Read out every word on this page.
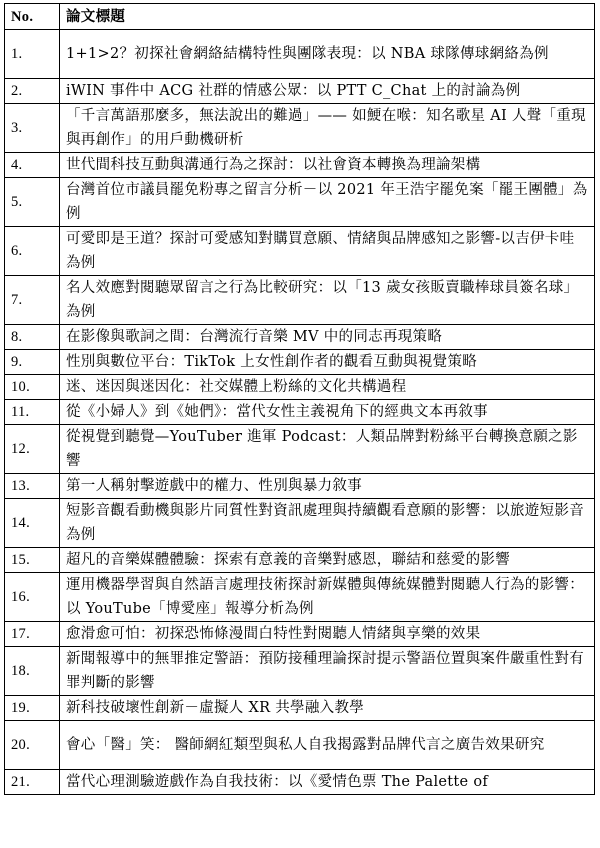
No.	論文標題
1.	1+1>2？初探社會網絡結構特性與團隊表現：以 NBA 球隊傳球網絡為例
2.	iWIN 事件中 ACG 社群的情感公眾：以 PTT C_Chat 上的討論為例
3.	「千言萬語那麼多，無法說出的難過」—— 如鯁在喉：知名歌星 AI 人聲「重現與再創作」的用戶動機研析
4.	世代間科技互動與溝通行為之探討：以社會資本轉換為理論架構
5.	台灣首位市議員罷免粉專之留言分析－以 2021 年王浩宇罷免案「罷王團體」為例
6.	可愛即是王道？探討可愛感知對購買意願、情緒與品牌感知之影響-以吉伊卡哇為例
7.	名人效應對閱聽眾留言之行為比較研究：以「13 歲女孩販賣職棒球員簽名球」為例
8.	在影像與歌詞之間：台灣流行音樂 MV 中的同志再現策略
9.	性別與數位平台：TikTok 上女性創作者的觀看互動與視覺策略
10.	迷、迷因與迷因化：社交媒體上粉絲的文化共構過程
11.	從《小婦人》到《她們》：當代女性主義視角下的經典文本再敘事
12.	從視覺到聽覺—YouTuber 進軍 Podcast：人類品牌對粉絲平台轉換意願之影響
13.	第一人稱射擊遊戲中的權力、性別與暴力敘事
14.	短影音觀看動機與影片同質性對資訊處理與持續觀看意願的影響：以旅遊短影音為例
15.	超凡的音樂媒體體驗：探索有意義的音樂對感恩，聯結和慈愛的影響
16.	運用機器學習與自然語言處理技術探討新媒體與傳統媒體對閱聽人行為的影響：以 YouTube「博愛座」報導分析為例
17.	愈滑愈可怕：初探恐怖條漫間白特性對閱聽人情緒與享樂的效果
18.	新聞報導中的無罪推定警語：預防接種理論探討提示警語位置與案件嚴重性對有罪判斷的影響
19.	新科技破壞性創新－虛擬人 XR 共學融入教學
20.	會心「醫」笑： 醫師網紅類型與私人自我揭露對品牌代言之廣告效果研究
21.	當代心理測驗遊戲作為自我技術：以《愛情色票 The Palette of
